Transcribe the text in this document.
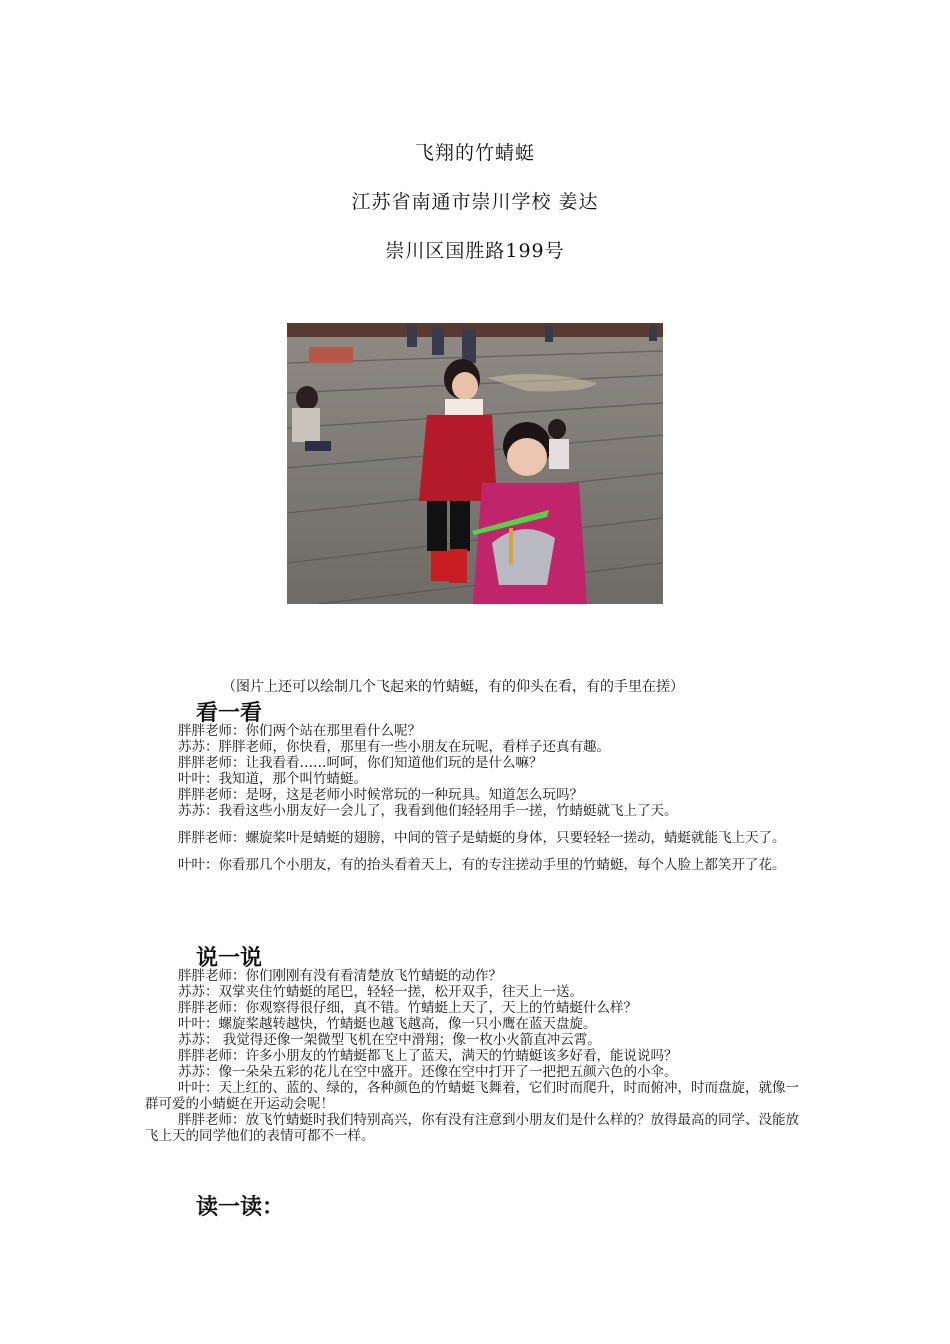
飞翔的竹蜻蜓
江苏省南通市崇川学校 姜达
崇川区国胜路199号
（图片上还可以绘制几个飞起来的竹蜻蜓，有的仰头在看，有的手里在搓）
看一看

胖胖老师：你们两个站在那里看什么呢？

苏苏：胖胖老师，你快看，那里有一些小朋友在玩呢，看样子还真有趣。

胖胖老师：让我看看……呵呵，你们知道他们玩的是什么嘛？

叶叶：我知道，那个叫竹蜻蜓。

胖胖老师：是呀，这是老师小时候常玩的一种玩具。知道怎么玩吗？

苏苏：我看这些小朋友好一会儿了，我看到他们轻轻用手一搓，竹蜻蜓就飞上了天。

胖胖老师：螺旋桨叶是蜻蜓的翅膀，中间的管子是蜻蜓的身体，只要轻轻一搓动，蜻蜓就能飞上天了。

叶叶：你看那几个小朋友，有的抬头看着天上，有的专注搓动手里的竹蜻蜓，每个人脸上都笑开了花。

说一说

胖胖老师：你们刚刚有没有看清楚放飞竹蜻蜓的动作？

苏苏：双掌夹住竹蜻蜓的尾巴，轻轻一搓，松开双手，往天上一送。

胖胖老师：你观察得很仔细，真不错。竹蜻蜓上天了，天上的竹蜻蜓什么样？

叶叶：螺旋桨越转越快，竹蜻蜓也越飞越高，像一只小鹰在蓝天盘旋。

苏苏： 我觉得还像一架微型飞机在空中滑翔；像一枚小火箭直冲云霄。

胖胖老师：许多小朋友的竹蜻蜓都飞上了蓝天，满天的竹蜻蜓该多好看，能说说吗？

苏苏：像一朵朵五彩的花儿在空中盛开。还像在空中打开了一把把五颜六色的小伞。

叶叶：天上红的、蓝的、绿的，各种颜色的竹蜻蜓飞舞着，它们时而爬升，时而俯冲，时而盘旋，就像一群可爱的小蜻蜓在开运动会呢！

胖胖老师：放飞竹蜻蜓时我们特别高兴，你有没有注意到小朋友们是什么样的？放得最高的同学、没能放飞上天的同学他们的表情可都不一样。

读一读：
